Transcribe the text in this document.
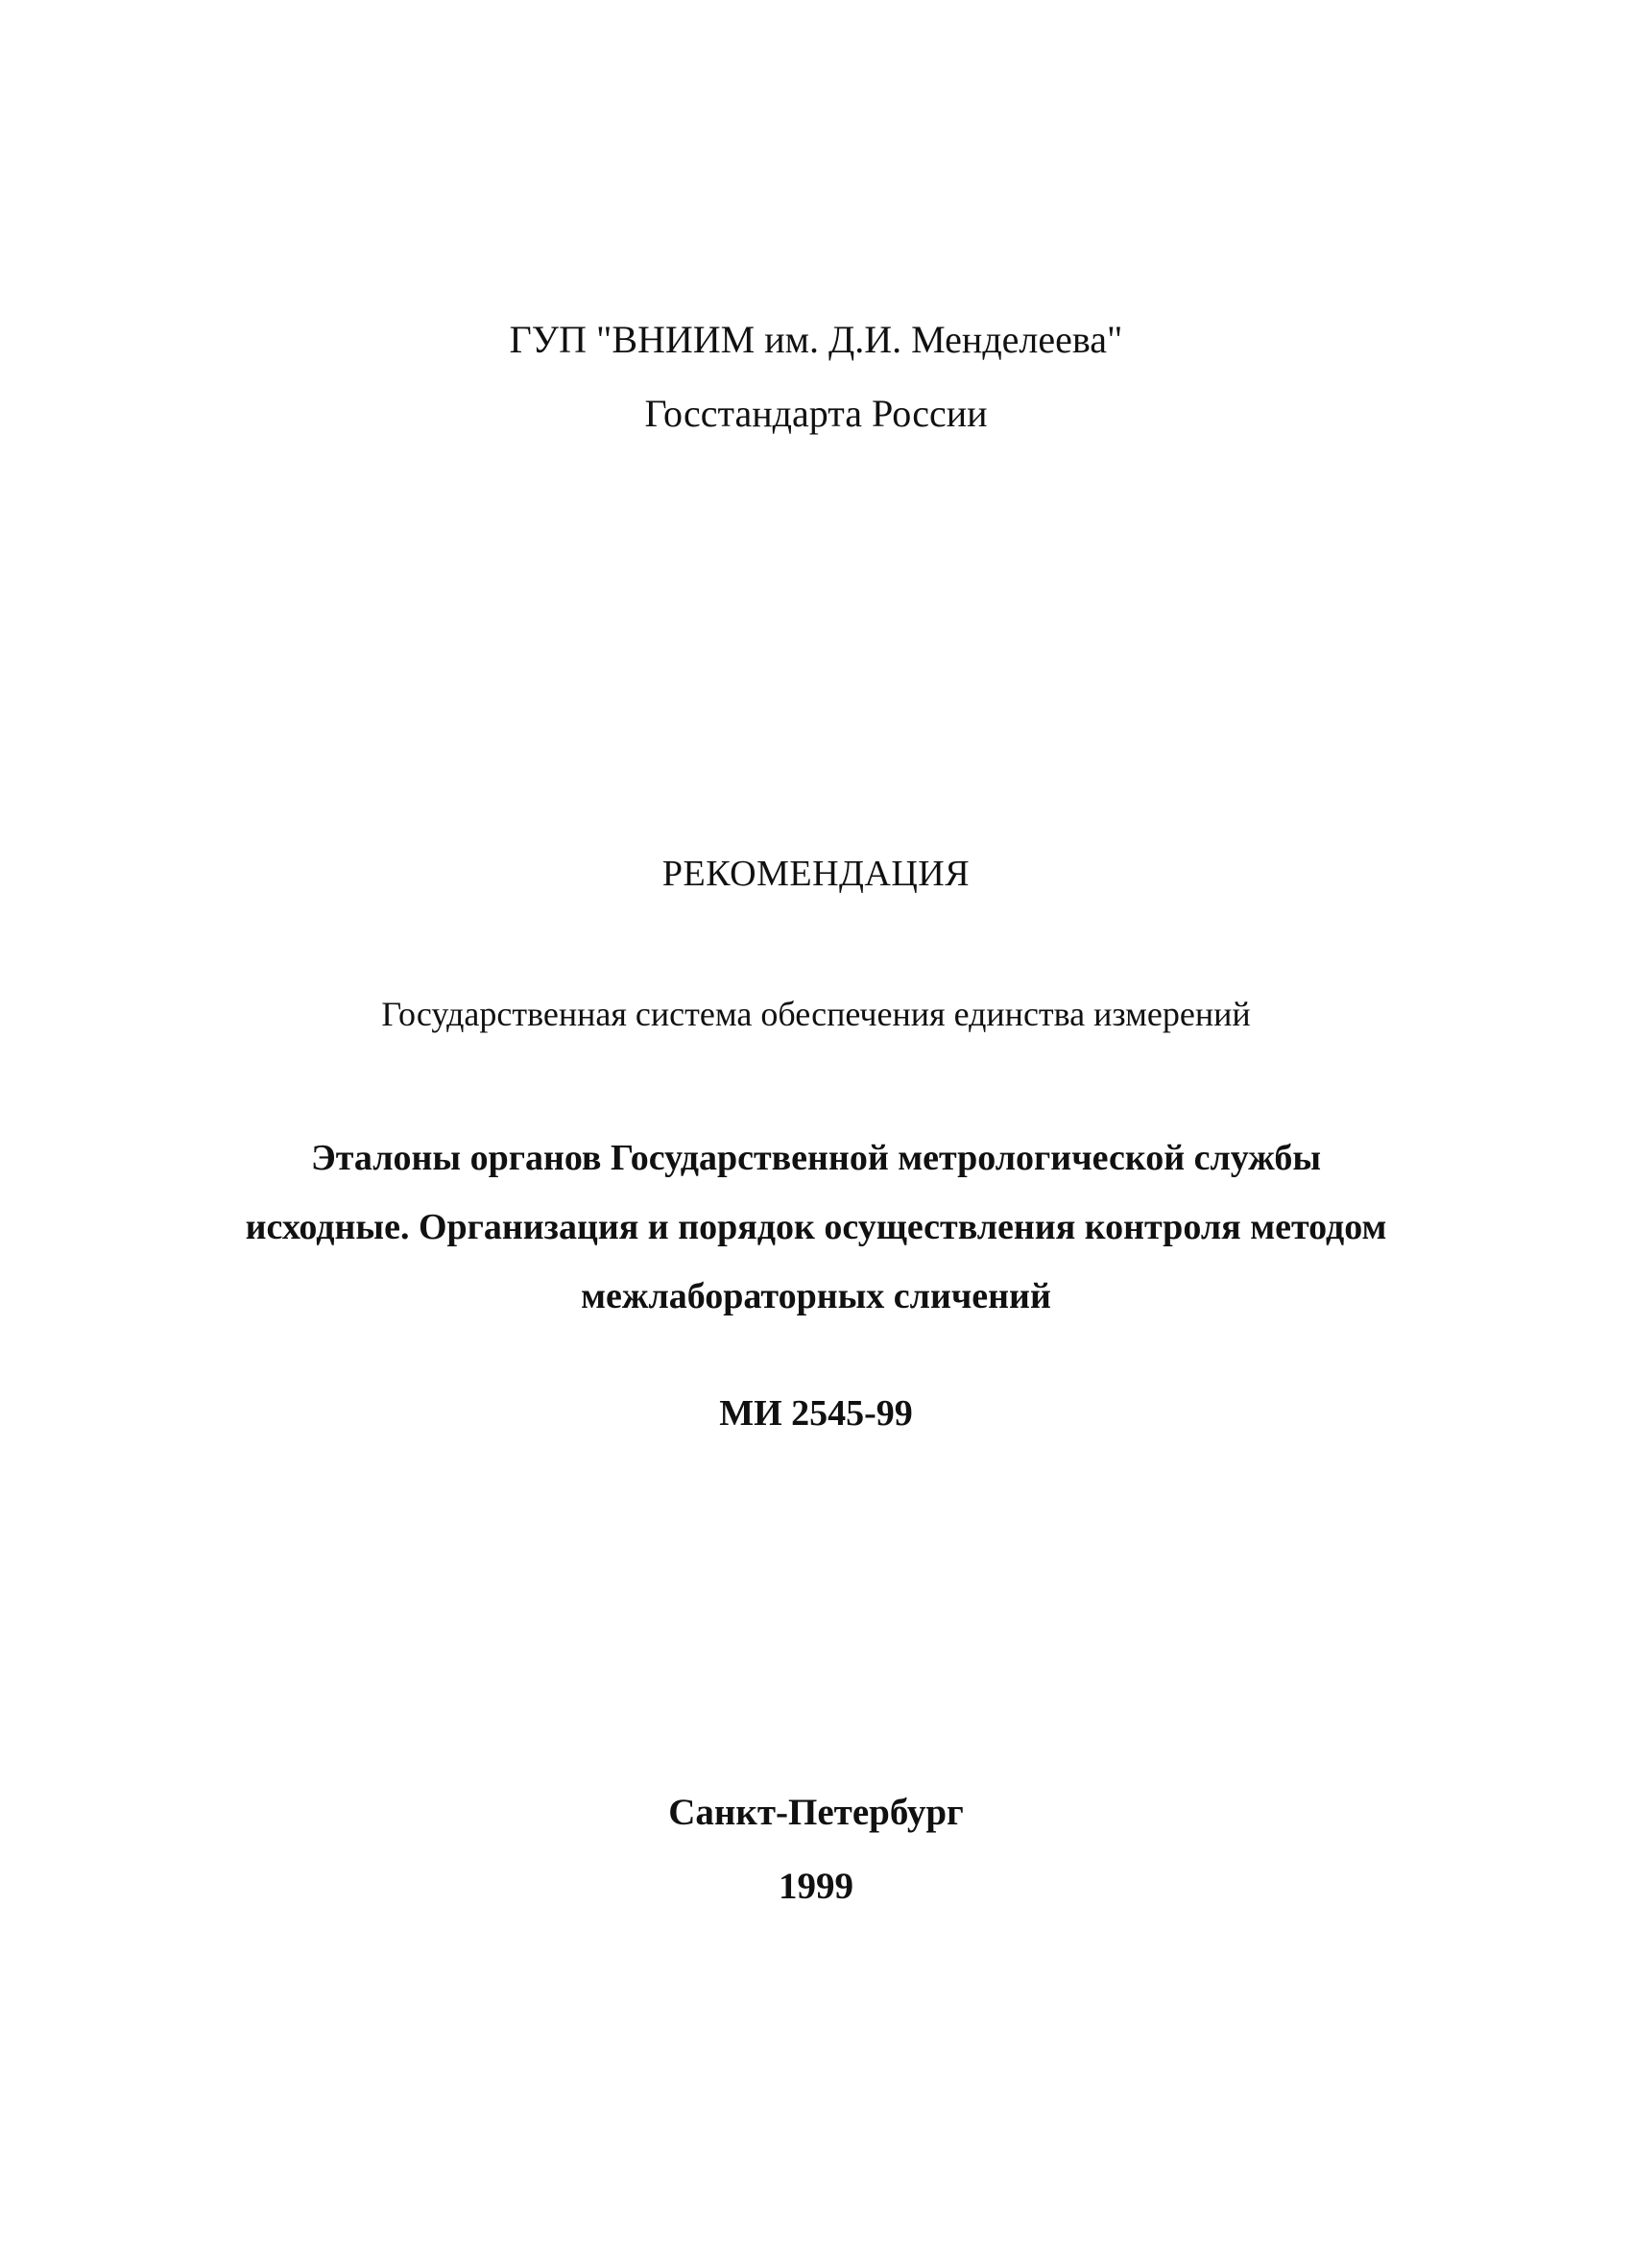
ГУП "ВНИИМ им. Д.И. Менделеева"
Госстандарта России
РЕКОМЕНДАЦИЯ
Государственная система обеспечения единства измерений
Эталоны органов Государственной метрологической службы
исходные. Организация и порядок осуществления контроля методом
межлабораторных сличений
МИ 2545-99
Санкт-Петербург
1999
